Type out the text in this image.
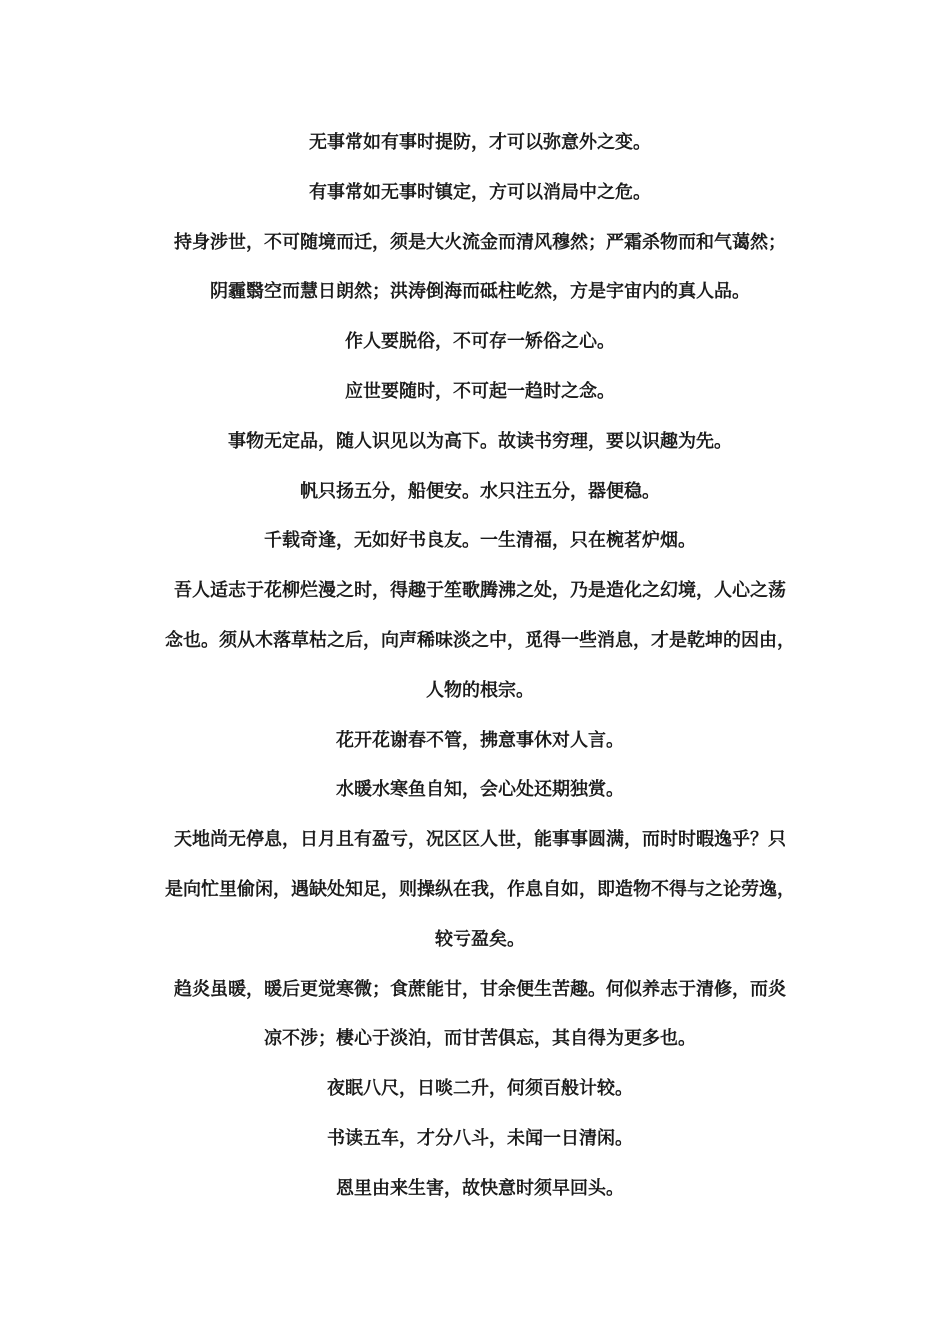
无事常如有事时提防，才可以弥意外之变。
有事常如无事时镇定，方可以消局中之危。
持身涉世，不可随境而迁，须是大火流金而清风穆然；严霜杀物而和气蔼然；
阴霾翳空而慧日朗然；洪涛倒海而砥柱屹然，方是宇宙内的真人品。
作人要脱俗，不可存一矫俗之心。
应世要随时，不可起一趋时之念。
事物无定品，随人识见以为高下。故读书穷理，要以识趣为先。
帆只扬五分，船便安。水只注五分，器便稳。
千载奇逢，无如好书良友。一生清福，只在椀茗炉烟。
吾人适志于花柳烂漫之时，得趣于笙歌腾沸之处，乃是造化之幻境，人心之荡
念也。须从木落草枯之后，向声稀味淡之中，觅得一些消息，才是乾坤的因由，
人物的根宗。
花开花谢春不管，拂意事休对人言。
水暖水寒鱼自知，会心处还期独赏。
天地尚无停息，日月且有盈亏，况区区人世，能事事圆满，而时时暇逸乎？只
是向忙里偷闲，遇缺处知足，则操纵在我，作息自如，即造物不得与之论劳逸，
较亏盈矣。
趋炎虽暖，暖后更觉寒微；食蔗能甘，甘余便生苦趣。何似养志于清修，而炎
凉不涉；棲心于淡泊，而甘苦俱忘，其自得为更多也。
夜眠八尺，日啖二升，何须百般计较。
书读五车，才分八斗，未闻一日清闲。
恩里由来生害，故快意时须早回头。
